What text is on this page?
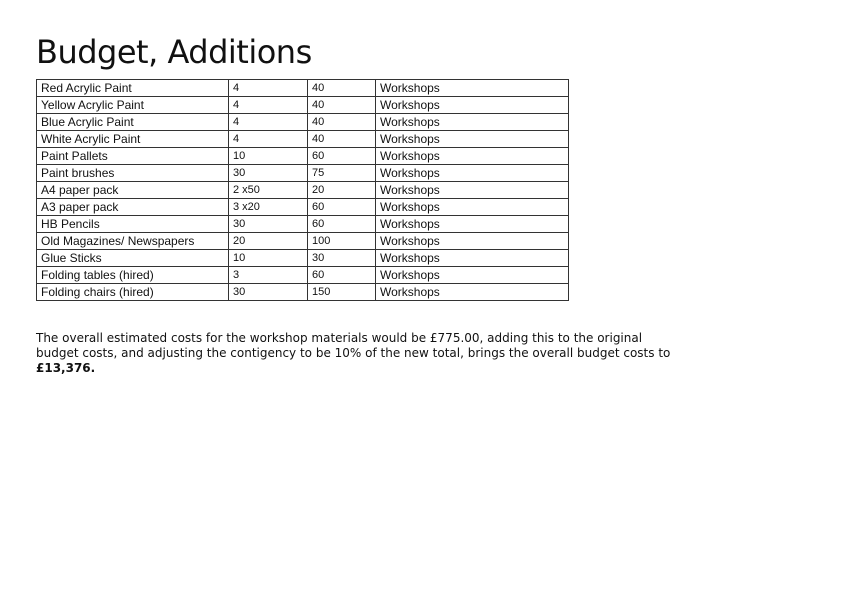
Budget, Additions
Red Acrylic Paint	4	40	Workshops
Yellow Acrylic Paint	4	40	Workshops
Blue Acrylic Paint	4	40	Workshops
White Acrylic Paint	4	40	Workshops
Paint Pallets	10	60	Workshops
Paint brushes	30	75	Workshops
A4 paper pack	2 x50	20	Workshops
A3 paper pack	3 x20	60	Workshops
HB Pencils	30	60	Workshops
Old Magazines/ Newspapers	20	100	Workshops
Glue Sticks	10	30	Workshops
Folding tables (hired)	3	60	Workshops
Folding chairs (hired)	30	150	Workshops

The overall estimated costs for the workshop materials would be £775.00, adding this to the original budget costs, and adjusting the contigency to be 10% of the new total, brings the overall budget costs to £13,376.
